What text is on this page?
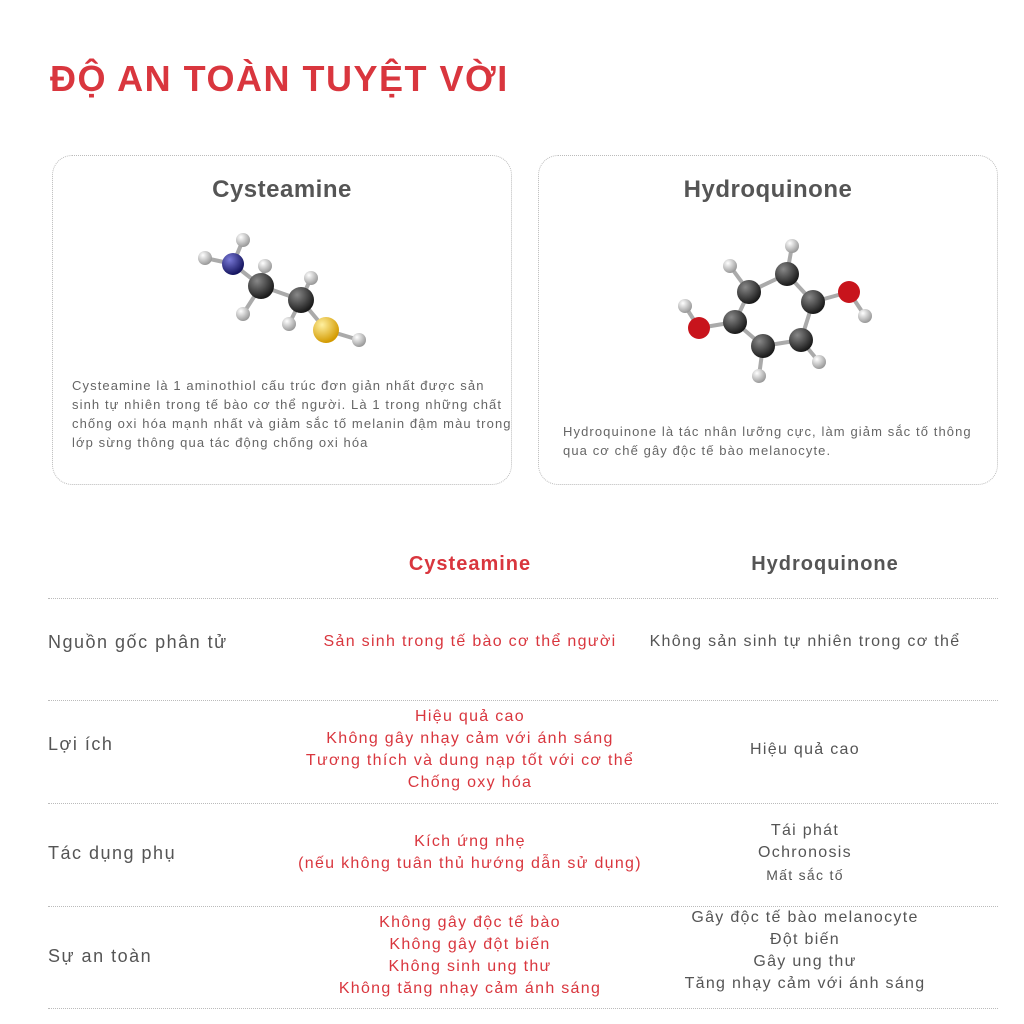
ĐỘ AN TOÀN TUYỆT VỜI
Cysteamine

Cysteamine là 1 aminothiol cấu trúc đơn giản nhất được sản sinh tự nhiên trong tế bào cơ thể người. Là 1 trong những chất chống oxi hóa mạnh nhất và giảm sắc tố melanin đậm màu trong lớp sừng thông qua tác động chống oxi hóa

Hydroquinone

Hydroquinone là tác nhân lưỡng cực, làm giảm sắc tố thông qua cơ chế gây độc tế bào melanocyte.

Cysteamine	Hydroquinone
Nguồn gốc phân tử	Sản sinh trong tế bào cơ thể người Không sản sinh tự nhiên trong cơ thể
Lợi ích
Hiệu quả cao
Không gây nhạy cảm với ánh sáng
Tương thích và dung nạp tốt với cơ thể
Chống oxy hóa
Hiệu quả cao
Tác dụng phụ
Kích ứng nhẹ
(nếu không tuân thủ hướng dẫn sử dụng)
Tái phát
Ochronosis
Mất sắc tố
Sự an toàn
Không gây độc tế bào
Không gây đột biến
Không sinh ung thư
Không tăng nhạy cảm ánh sáng
Gây độc tế bào melanocyte
Đột biến
Gây ung thư
Tăng nhạy cảm với ánh sáng
